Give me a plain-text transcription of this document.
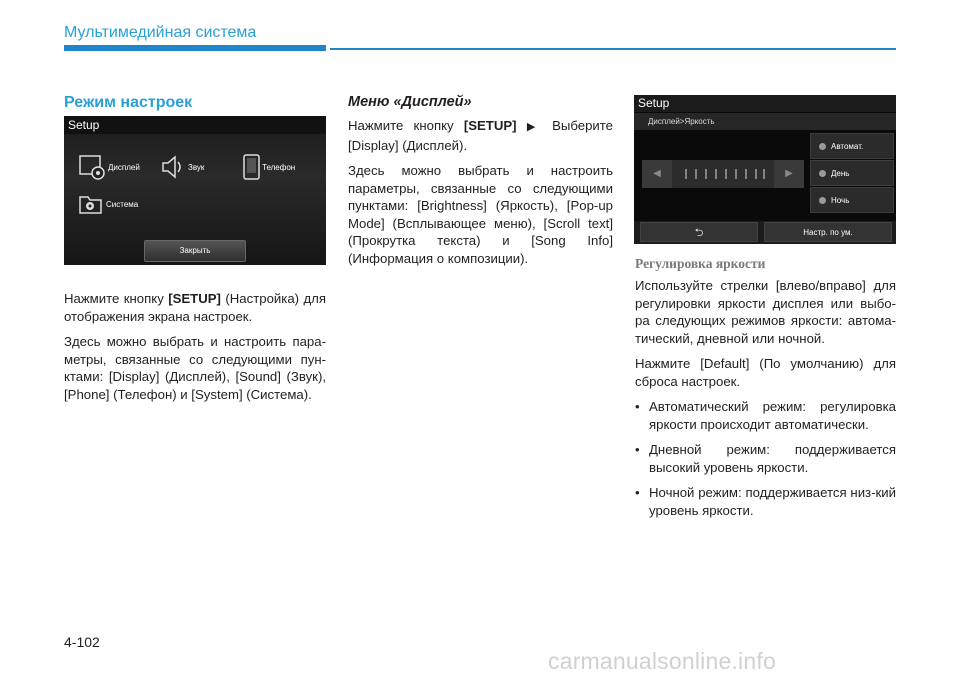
Мультимедийная система
Режим настроек
Setup
Дисплей	Звук	Телефон
Система
Закрыть

Нажмите кнопку [SETUP] (Настройка) для отображения экрана настроек.

Здесь можно выбрать и настроить пара-метры, связанные со следующими пун-ктами: [Display] (Дисплей), [Sound] (Звук), [Phone] (Телефон) и [System] (Система).

Меню «Дисплей»

Нажмите кнопку [SETUP] ▶ Выберите [Display] (Дисплей).

Здесь можно выбрать и настроить параметры, связанные со следующими пунктами: [Brightness] (Яркость), [Pop-up Mode] (Всплывающее меню), [Scroll text] (Прокрутка текста) и [Song Info] (Информация о композиции).

Setup
Дисплей>Яркость
◀	▶
Автомат.
День
Ночь
⮌	Настр. по ум.
Регулировка яркости

Используйте стрелки [влево/вправо] для регулировки яркости дисплея или выбо-ра следующих режимов яркости: автома-тический, дневной или ночной.

Нажмите [Default] (По умолчанию) для сброса настроек.

• Автоматический режим: регулировка яркости происходит автоматически.
• Дневной режим: поддерживается высокий уровень яркости.
• Ночной режим: поддерживается низ-кий уровень яркости.
4-102
carmanualsonline.info
